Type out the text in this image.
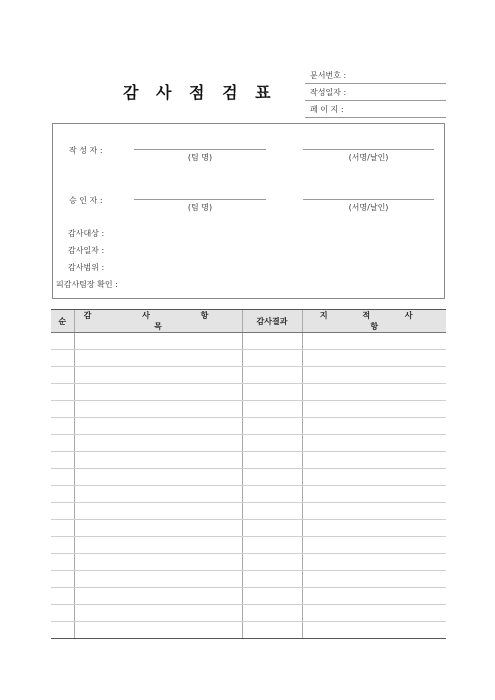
감 사 점 검 표
문서번호 :
작성일자 :
페 이 지 :
작 성 자 :
(팀 명)	(서명/날인)
승 인 자 :
(팀 명)	(서명/날인)
감사대상 :
감사일자 :
감사범위 :
피감사팀장 확인 :
순	감 사 항 목	감사결과	지 적 사 항
